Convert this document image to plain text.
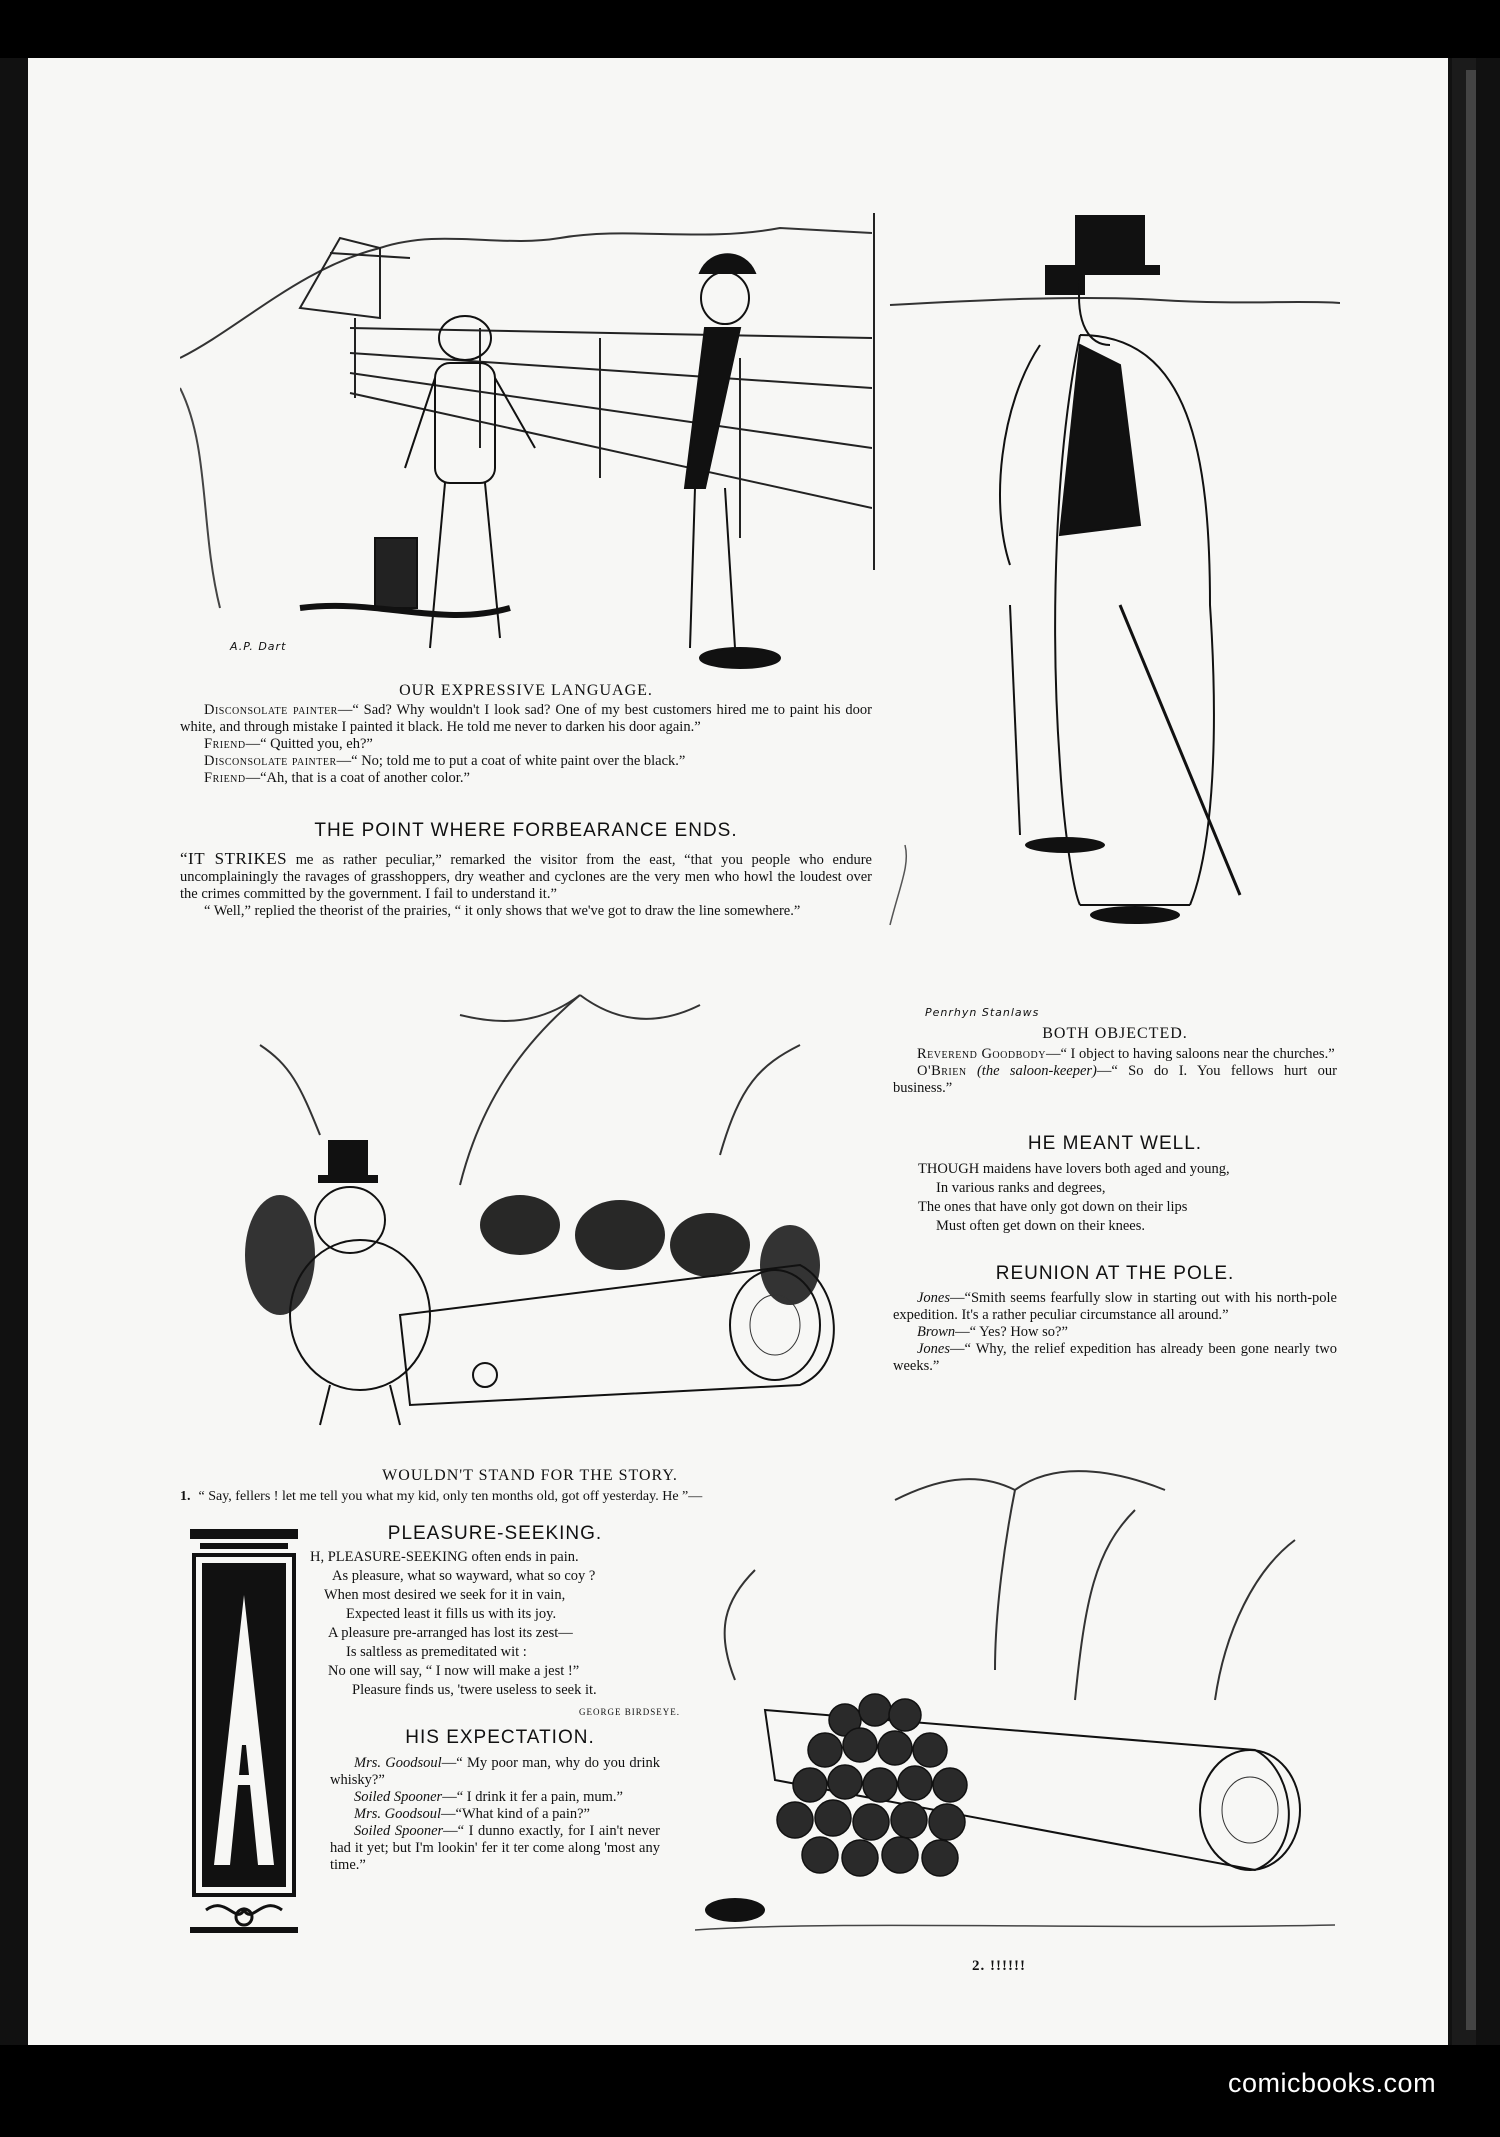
A.P. Dart
OUR EXPRESSIVE LANGUAGE.

Disconsolate painter—“ Sad? Why wouldn't I look sad? One of my best customers hired me to paint his door white, and through mistake I painted it black. He told me never to darken his door again.”

Friend—“ Quitted you, eh?”

Disconsolate painter—“ No; told me to put a coat of white paint over the black.”

Friend—“Ah, that is a coat of another color.”

THE POINT WHERE FORBEARANCE ENDS.

“IT STRIKES me as rather peculiar,” remarked the visitor from the east, “that you people who endure uncomplainingly the ravages of grasshoppers, dry weather and cyclones are the very men who howl the loudest over the crimes committed by the government. I fail to understand it.”

“ Well,” replied the theorist of the prairies, “ it only shows that we've got to draw the line somewhere.”

Penrhyn Stanlaws
BOTH OBJECTED.

Reverend Goodbody—“ I object to having saloons near the churches.”

O'Brien (the saloon-keeper)—“ So do I. You fellows hurt our business.”

HE MEANT WELL.

THOUGH maidens have lovers both aged and young,

In various ranks and degrees,

The ones that have only got down on their lips

Must often get down on their knees.

REUNION AT THE POLE.

Jones—“Smith seems fearfully slow in starting out with his north-pole expedition. It's a rather peculiar circumstance all around.”

Brown—“ Yes? How so?”

Jones—“ Why, the relief expedition has already been gone nearly two weeks.”

WOULDN'T STAND FOR THE STORY.
1. “ Say, fellers ! let me tell you what my kid, only ten months old, got off yesterday. He ”—
2. !!!!!!
PLEASURE-SEEKING.

H, PLEASURE-SEEKING often ends in pain.

As pleasure, what so wayward, what so coy ?

When most desired we seek for it in vain,

Expected least it fills us with its joy.

A pleasure pre-arranged has lost its zest—

Is saltless as premeditated wit :

No one will say, “ I now will make a jest !”

Pleasure finds us, 'twere useless to seek it.

GEORGE BIRDSEYE.
HIS EXPECTATION.

Mrs. Goodsoul—“ My poor man, why do you drink whisky?”

Soiled Spooner—“ I drink it fer a pain, mum.”

Mrs. Goodsoul—“What kind of a pain?”

Soiled Spooner—“ I dunno exactly, for I ain't never had it yet; but I'm lookin' fer it ter come along 'most any time.”

comicbooks.com
